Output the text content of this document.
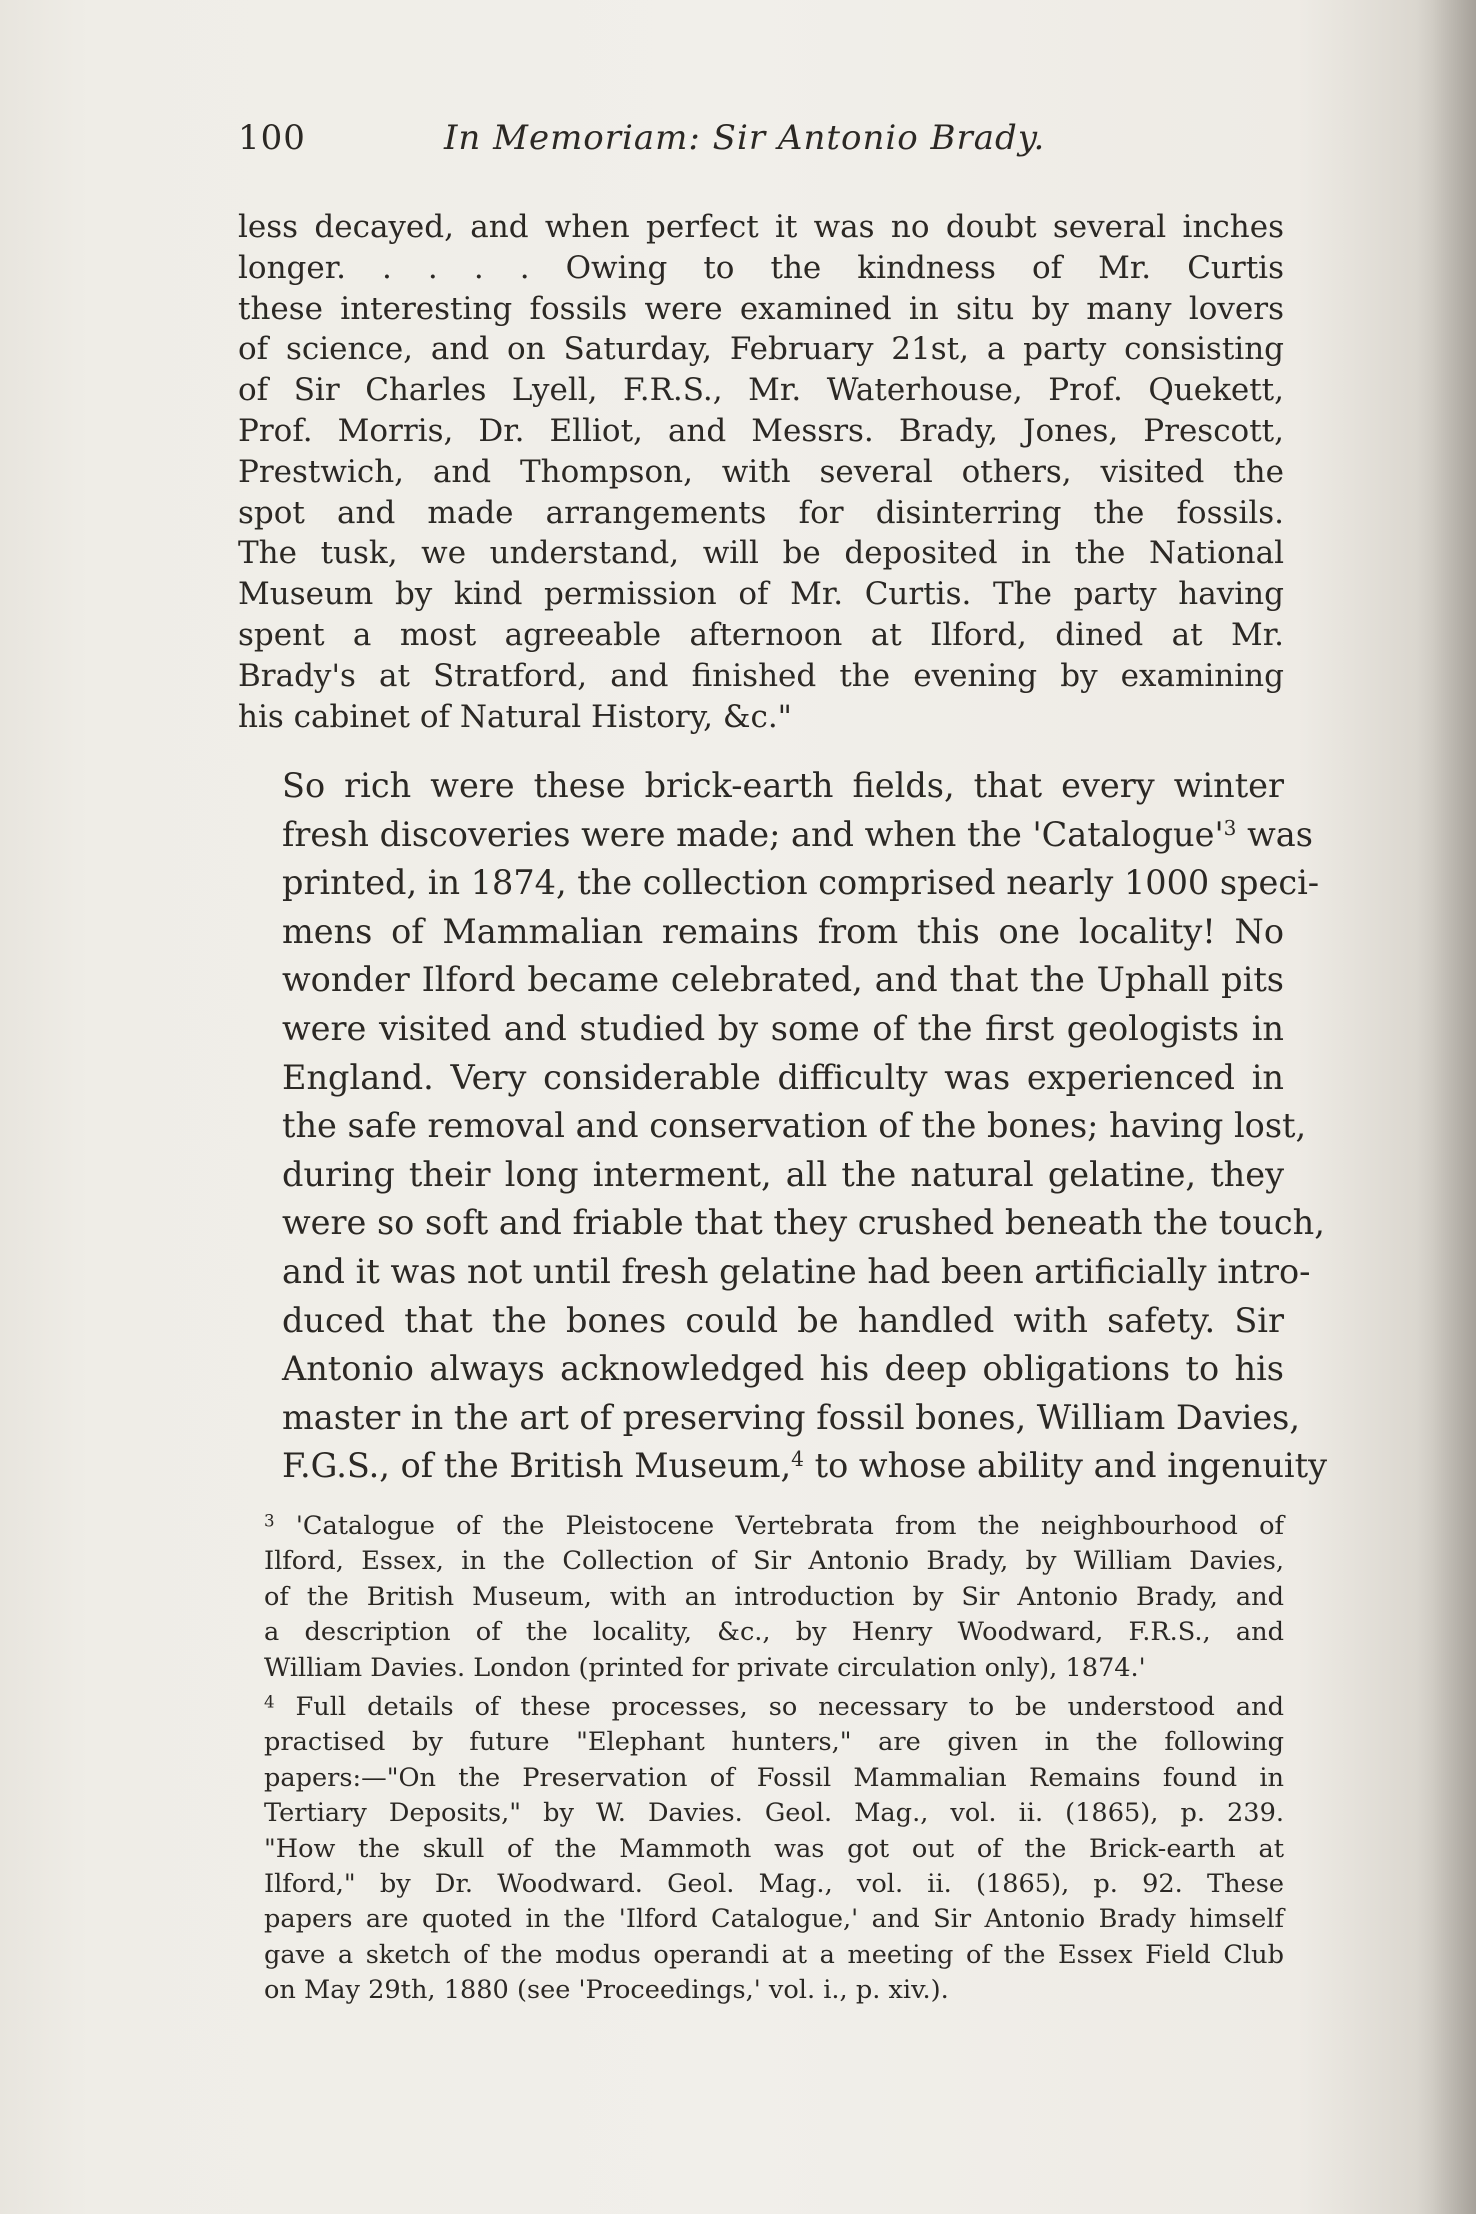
100	In Memoriam: Sir Antonio Brady.

less decayed, and when perfect it was no doubt several inches
longer. . . . . Owing to the kindness of Mr. Curtis
these interesting fossils were examined in situ by many lovers
of science, and on Saturday, February 21st, a party consisting
of Sir Charles Lyell, F.R.S., Mr. Waterhouse, Prof. Quekett,
Prof. Morris, Dr. Elliot, and Messrs. Brady, Jones, Prescott,
Prestwich, and Thompson, with several others, visited the
spot and made arrangements for disinterring the fossils.
The tusk, we understand, will be deposited in the National
Museum by kind permission of Mr. Curtis. The party having
spent a most agreeable afternoon at Ilford, dined at Mr.
Brady's at Stratford, and finished the evening by examining
his cabinet of Natural History, &c."

So rich were these brick-earth fields, that every winter
fresh discoveries were made; and when the '$Catalogue'^3$ was
printed, in 1874, the collection comprised nearly 1000 speci-
mens of Mammalian remains from this one locality! No
wonder Ilford became celebrated, and that the Uphall pits
were visited and studied by some of the first geologists in
England. Very considerable difficulty was experienced in
the safe removal and conservation of the bones; having lost,
during their long interment, all the natural gelatine, they
were so soft and friable that they crushed beneath the touch,
and it was not until fresh gelatine had been artificially intro-
duced that the bones could be handled with safety. Sir
Antonio always acknowledged his deep obligations to his
master in the art of preserving fossil bones, William Davies,
F.G.S., of the British Museum,$^4$ to whose ability and ingenuity

$^3$ 'Catalogue of the Pleistocene Vertebrata from the neighbourhood of
Ilford, Essex, in the Collection of Sir Antonio Brady, by William Davies,
of the British Museum, with an introduction by Sir Antonio Brady, and
a description of the locality, &c., by Henry Woodward, F.R.S., and
William Davies. London (printed for private circulation only), 1874.'

$^4$ Full details of these processes, so necessary to be understood and
practised by future "Elephant hunters," are given in the following
papers:—"On the Preservation of Fossil Mammalian Remains found in
Tertiary Deposits," by W. Davies. Geol. Mag., vol. ii. (1865), p. 239.
"How the skull of the Mammoth was got out of the Brick-earth at
Ilford," by Dr. Woodward. Geol. Mag., vol. ii. (1865), p. 92. These
papers are quoted in the 'Ilford Catalogue,' and Sir Antonio Brady himself
gave a sketch of the modus operandi at a meeting of the Essex Field Club
on May 29th, 1880 (see 'Proceedings,' vol. i., p. xiv.).
